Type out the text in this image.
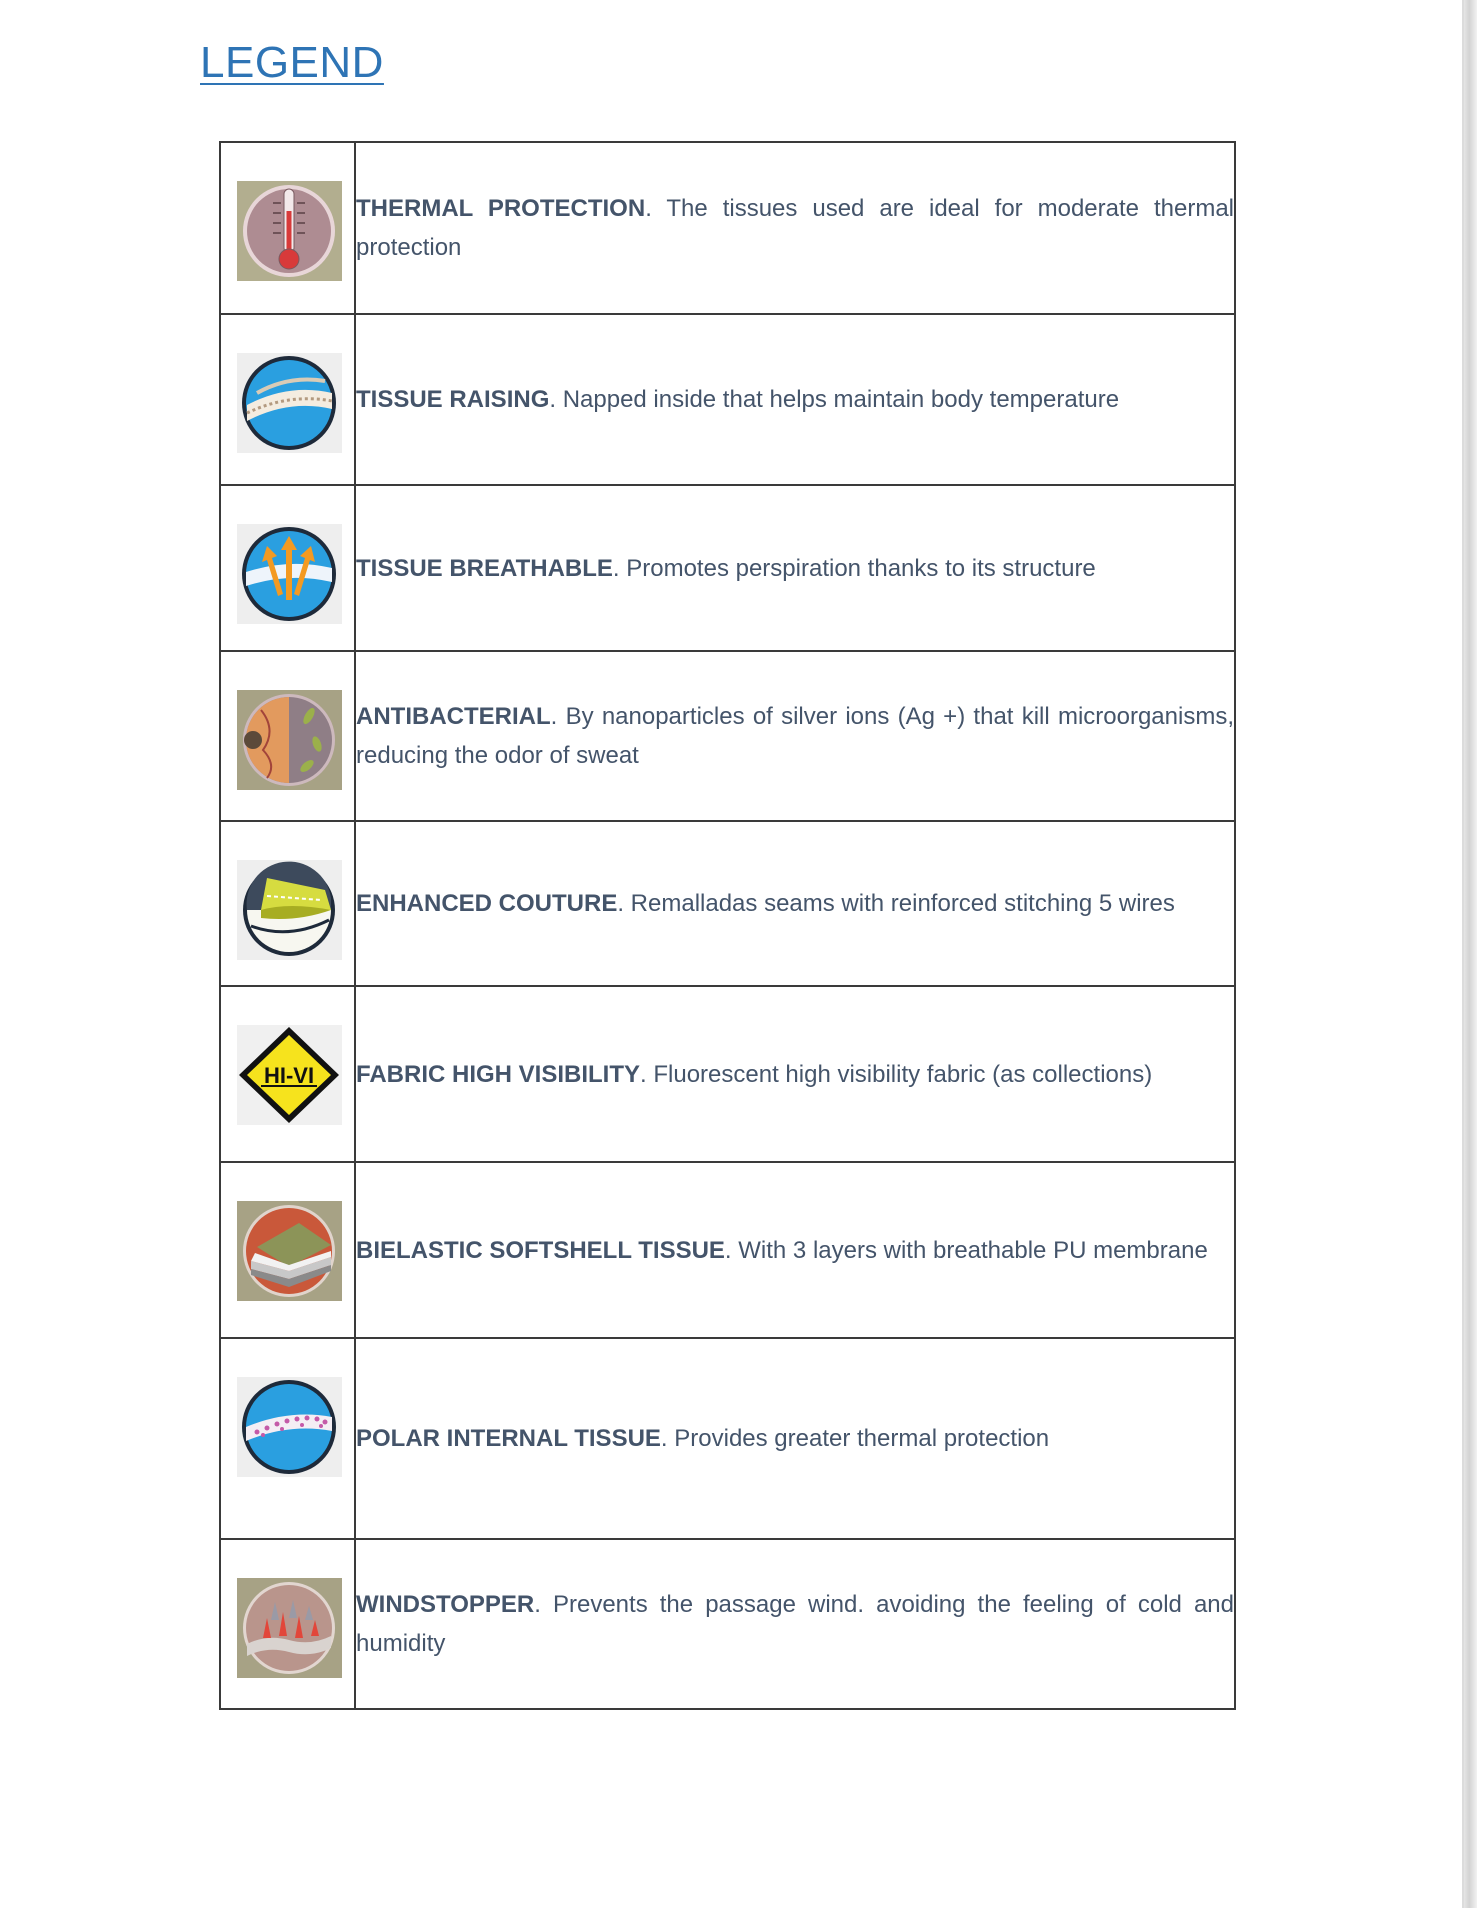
LEGEND
	THERMAL PROTECTION. The tissues used are ideal for moderate thermal protection

	TISSUE RAISING. Napped inside that helps maintain body temperature

	TISSUE BREATHABLE. Promotes perspiration thanks to its structure

	ANTIBACTERIAL. By nanoparticles of silver ions (Ag +) that kill microorganisms, reducing the odor of sweat

	ENHANCED COUTURE. Remalladas seams with reinforced stitching 5 wires

HI-VI	FABRIC HIGH VISIBILITY. Fluorescent high visibility fabric (as collections)

	BIELASTIC SOFTSHELL TISSUE. With 3 layers with breathable PU membrane

	POLAR INTERNAL TISSUE. Provides greater thermal protection

	WINDSTOPPER. Prevents the passage wind. avoiding the feeling of cold and humidity
